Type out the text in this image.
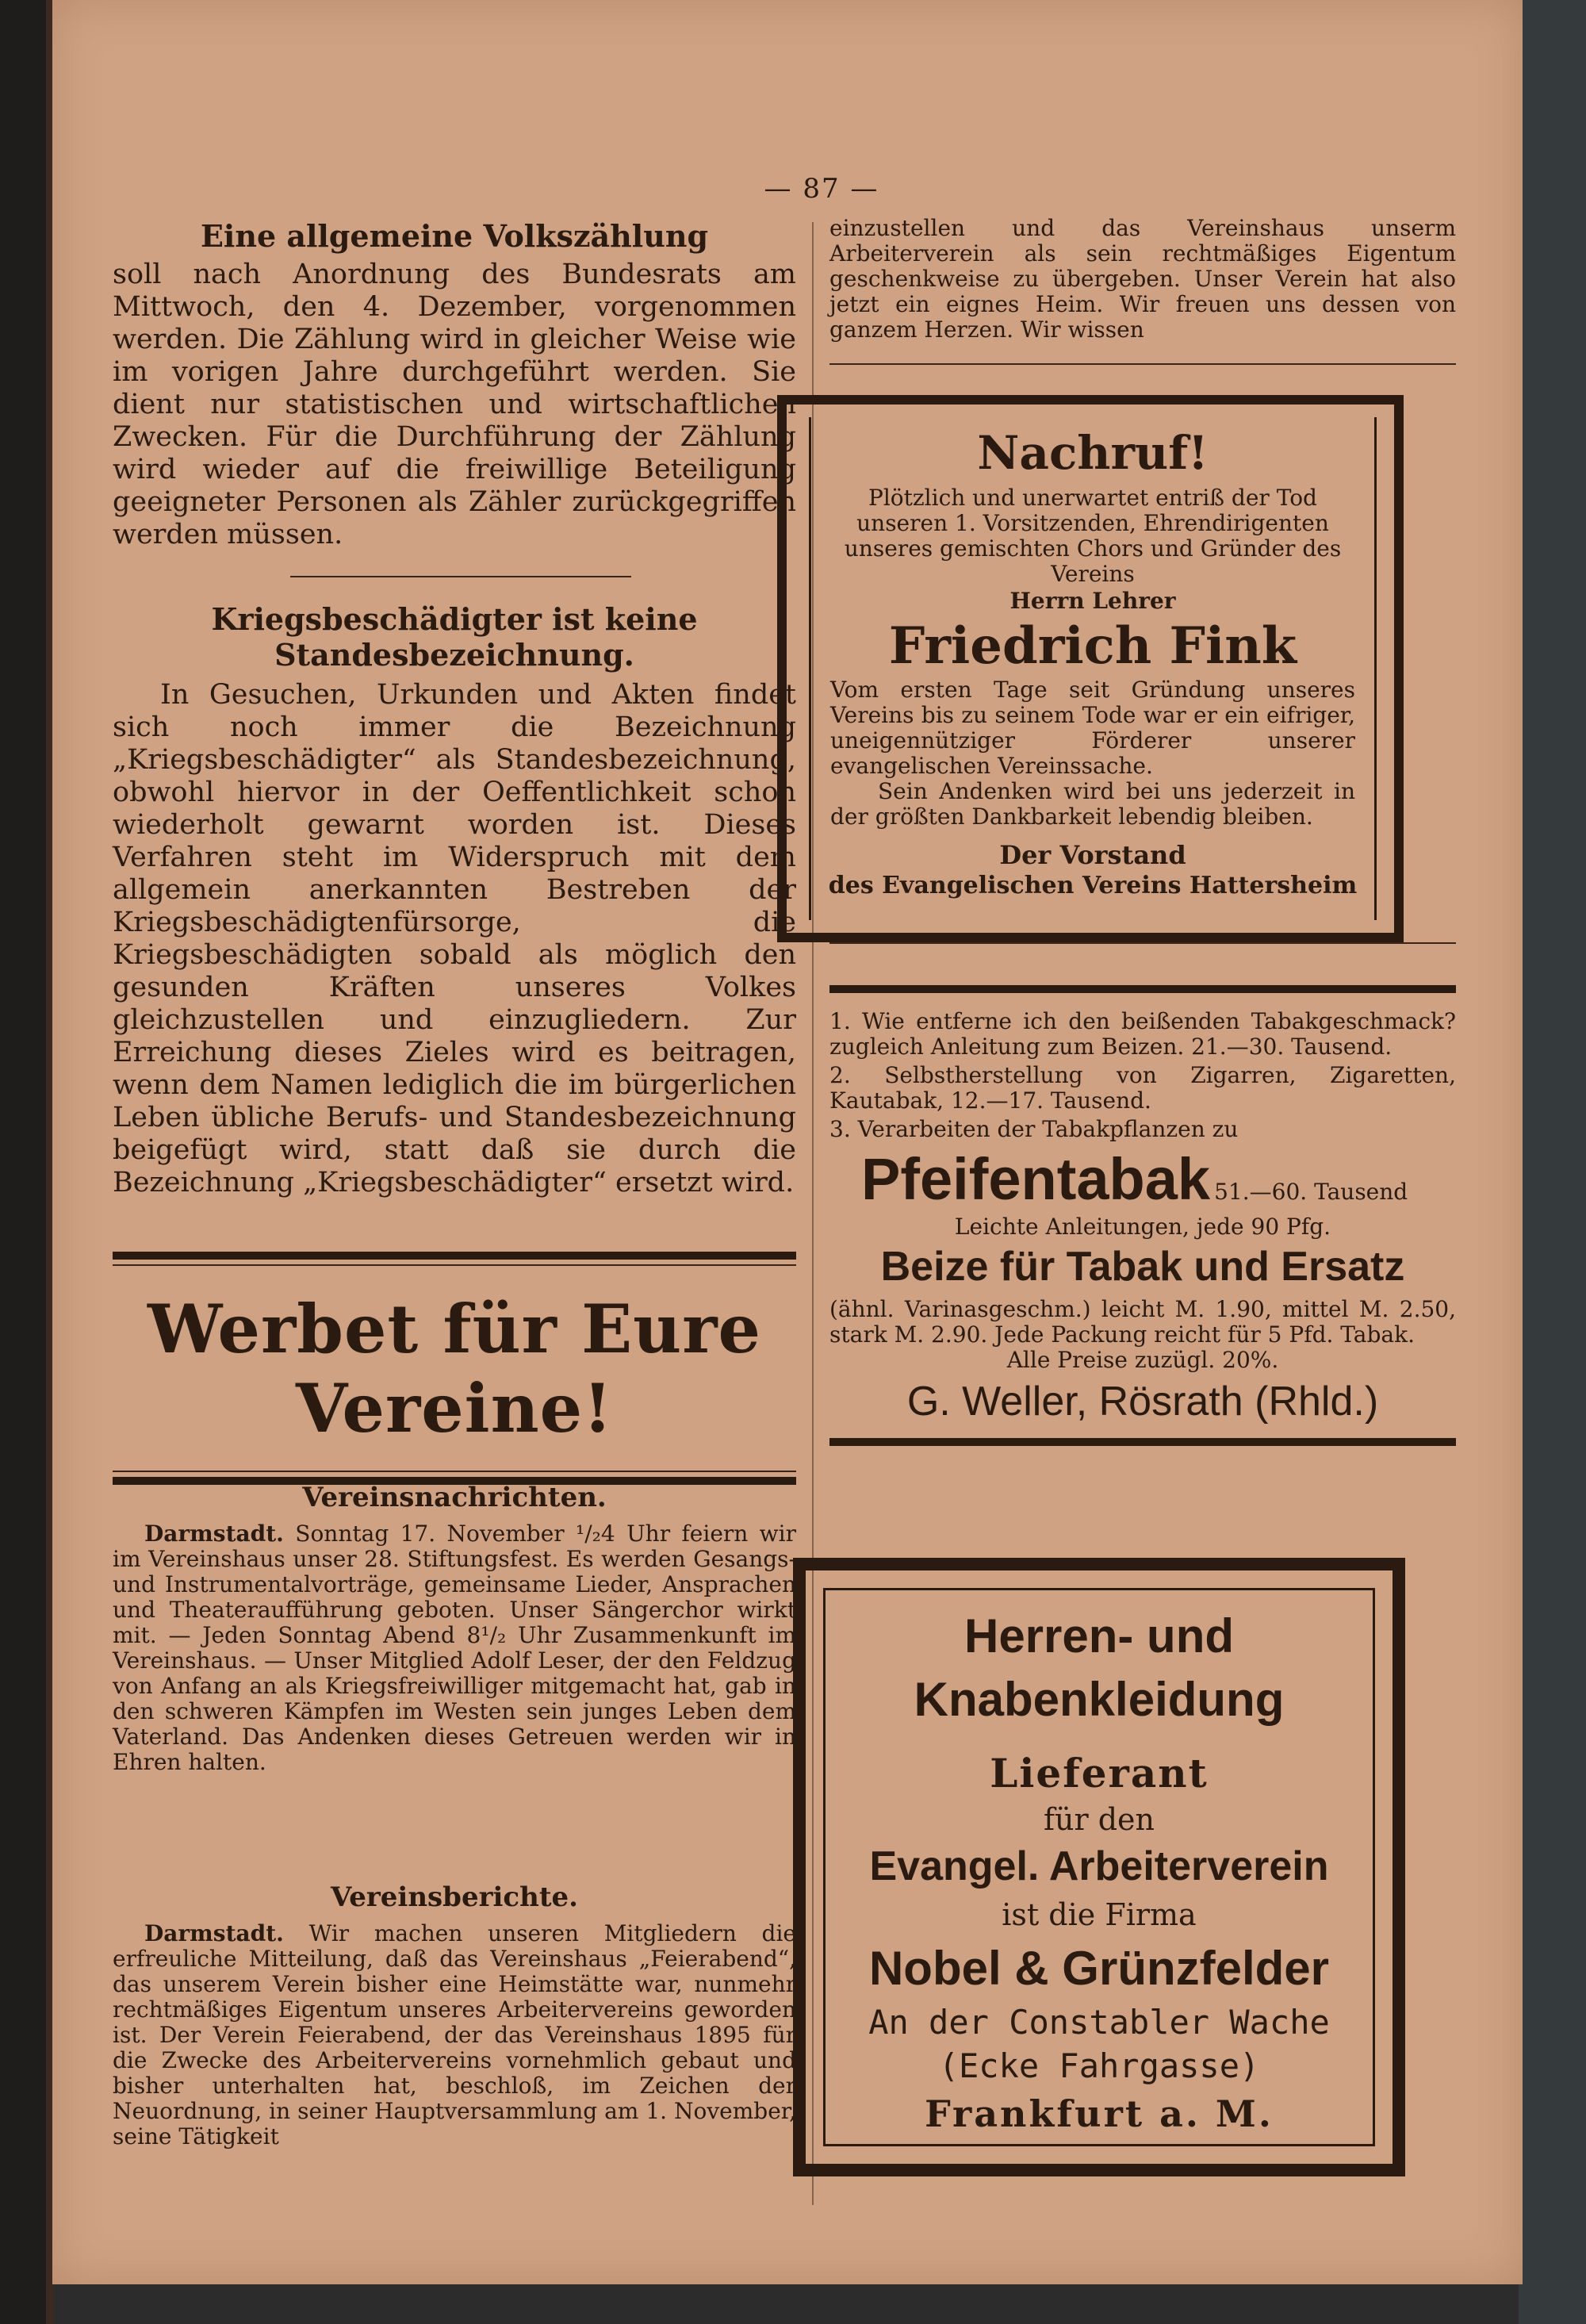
— 87 —

Eine allgemeine Volkszählung

soll nach Anordnung des Bundesrats am Mittwoch, den 4. Dezember, vorgenommen werden. Die Zählung wird in gleicher Weise wie im vorigen Jahre durchgeführt werden. Sie dient nur statistischen und wirtschaftlichen Zwecken. Für die Durchführung der Zählung wird wieder auf die freiwillige Beteiligung geeigneter Personen als Zähler zurückgegriffen werden müssen.

Kriegsbeschädigter ist keine

Standesbezeichnung.

In Gesuchen, Urkunden und Akten findet sich noch immer die Bezeichnung „Kriegsbeschädigter“ als Standesbezeichnung, obwohl hiervor in der Oeffentlichkeit schon wiederholt gewarnt worden ist. Dieses Verfahren steht im Widerspruch mit dem allgemein anerkannten Bestreben der Kriegsbeschädigtenfürsorge, die Kriegsbeschädigten sobald als möglich den gesunden Kräften unseres Volkes gleichzustellen und einzugliedern. Zur Erreichung dieses Zieles wird es beitragen, wenn dem Namen lediglich die im bürgerlichen Leben übliche Berufs- und Standesbezeichnung beigefügt wird, statt daß sie durch die Bezeichnung „Kriegsbeschädigter“ ersetzt wird.

Werbet für Eure Vereine!

Vereinsnachrichten.

Darmstadt. Sonntag 17. November ¹/₂4 Uhr feiern wir im Vereinshaus unser 28. Stiftungsfest. Es werden Gesangs- und Instrumentalvorträge, gemeinsame Lieder, Ansprachen und Theateraufführung geboten. Unser Sängerchor wirkt mit. — Jeden Sonntag Abend 8¹/₂ Uhr Zusammenkunft im Vereinshaus. — Unser Mitglied Adolf Leser, der den Feldzug von Anfang an als Kriegsfreiwilliger mitgemacht hat, gab in den schweren Kämpfen im Westen sein junges Leben dem Vaterland. Das Andenken dieses Getreuen werden wir in Ehren halten.

Vereinsberichte.

Darmstadt. Wir machen unseren Mitgliedern die erfreuliche Mitteilung, daß das Vereinshaus „Feierabend“, das unserem Verein bisher eine Heimstätte war, nunmehr rechtmäßiges Eigentum unseres Arbeitervereins geworden ist. Der Verein Feierabend, der das Vereinshaus 1895 für die Zwecke des Arbeitervereins vornehmlich gebaut und bisher unterhalten hat, beschloß, im Zeichen der Neuordnung, in seiner Hauptversammlung am 1. November, seine Tätigkeit

einzustellen und das Vereinshaus unserm Arbeiterverein als sein rechtmäßiges Eigentum geschenkweise zu übergeben. Unser Verein hat also jetzt ein eignes Heim. Wir freuen uns dessen von ganzem Herzen. Wir wissen

Nachruf!

Plötzlich und unerwartet entriß der Tod unseren 1. Vorsitzenden, Ehrendirigenten unseres gemischten Chors und Gründer des Vereins

Herrn Lehrer
Friedrich Fink

Vom ersten Tage seit Gründung unseres Vereins bis zu seinem Tode war er ein eifriger, uneigennütziger Förderer unserer evangelischen Vereinssache.

Sein Andenken wird bei uns jederzeit in der größten Dankbarkeit lebendig bleiben.

Der Vorstand
des Evangelischen Vereins Hattersheim

1. Wie entferne ich den beißenden Tabakgeschmack? zugleich Anleitung zum Beizen. 21.—30. Tausend.

2. Selbstherstellung von Zigarren, Zigaretten, Kautabak, 12.—17. Tausend.

3. Verarbeiten der Tabakpflanzen zu

Pfeifentabak 51.—60. Tausend

Leichte Anleitungen, jede 90 Pfg.

Beize für Tabak und Ersatz

(ähnl. Varinasgeschm.) leicht M. 1.90, mittel M. 2.50, stark M. 2.90. Jede Packung reicht für 5 Pfd. Tabak.

Alle Preise zuzügl. 20%.

G. Weller, Rösrath (Rhld.)
Herren- und Knabenkleidung
Lieferant
für den
Evangel. Arbeiterverein
ist die Firma
Nobel & Grünzfelder
An der Constabler Wache
(Ecke Fahrgasse)
Frankfurt a. M.
